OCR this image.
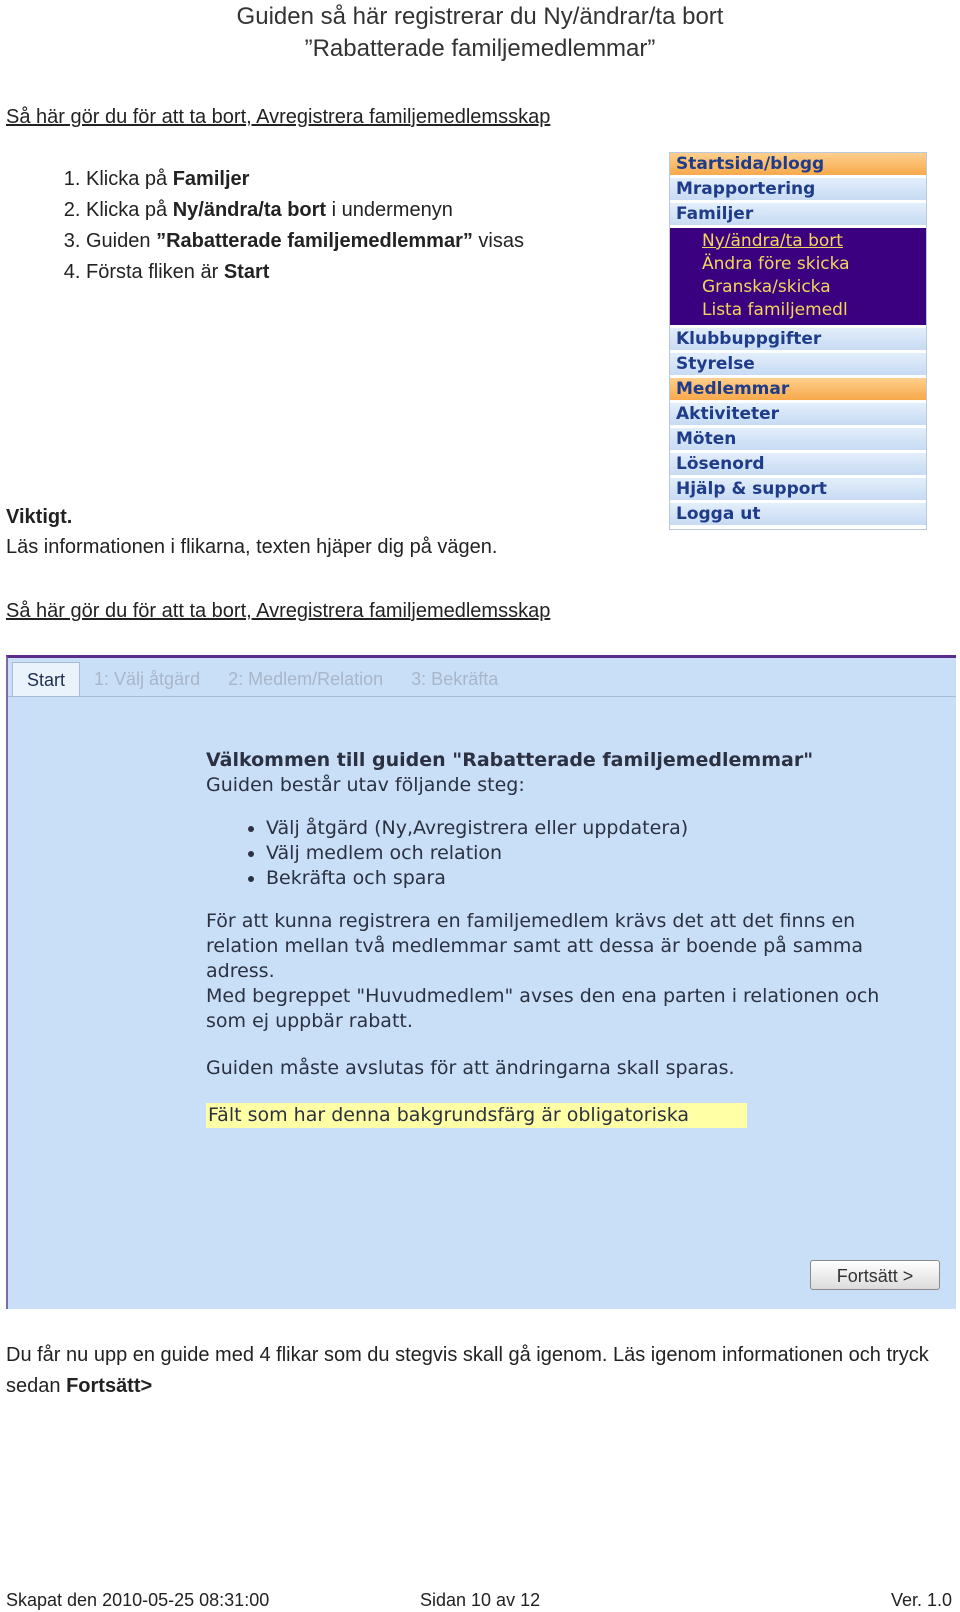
Guiden så här registrerar du Ny/ändrar/ta bort
”Rabatterade familjemedlemmar”
Så här gör du för att ta bort, Avregistrera familjemedlemsskap
1. Klicka på Familjer
2. Klicka på Ny/ändra/ta bort i undermenyn
3. Guiden ”Rabatterade familjemedlemmar” visas
4. Första fliken är Start
Viktigt.
Läs informationen i flikarna, texten hjäper dig på vägen.
Startsida/blogg
Mrapportering
Familjer
Ny/ändra/ta bort
Ändra före skicka
Granska/skicka
Lista familjemedl
Klubbuppgifter
Styrelse
Medlemmar
Aktiviteter
Möten
Lösenord
Hjälp & support
Logga ut
Så här gör du för att ta bort, Avregistrera familjemedlemsskap
Start	1: Välj åtgärd	2: Medlem/Relation	3: Bekräfta
Välkommen till guiden "Rabatterade familjemedlemmar"
Guiden består utav följande steg:
• Välj åtgärd (Ny,Avregistrera eller uppdatera)
• Välj medlem och relation
• Bekräfta och spara
För att kunna registrera en familjemedlem krävs det att det finns en relation mellan två medlemmar samt att dessa är boende på samma adress.
Med begreppet "Huvudmedlem" avses den ena parten i relationen och som ej uppbär rabatt.
Guiden måste avslutas för att ändringarna skall sparas.
Fält som har denna bakgrundsfärg är obligatoriska
Fortsätt >
Du får nu upp en guide med 4 flikar som du stegvis skall gå igenom. Läs igenom informationen och tryck sedan Fortsätt>
Skapat den 2010-05-25 08:31:00	Sidan 10 av 12	Ver. 1.0
